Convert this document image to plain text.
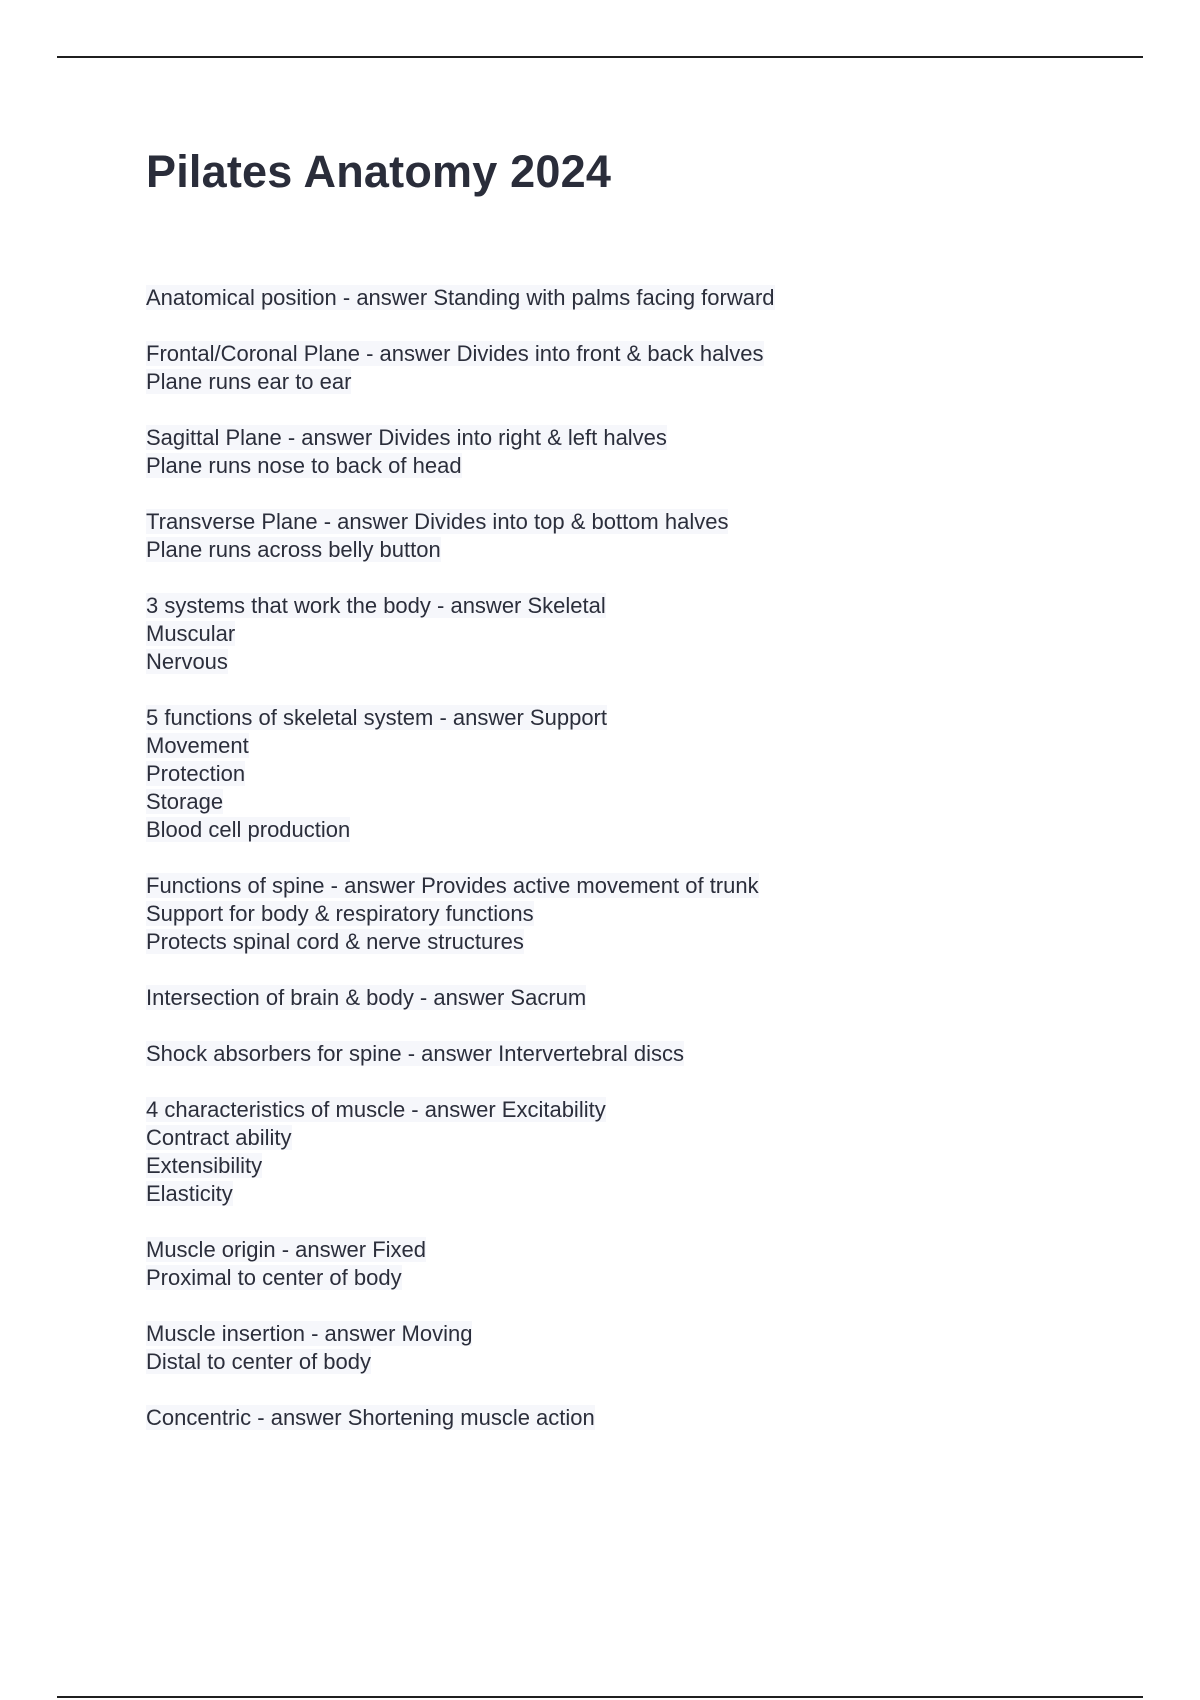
Pilates Anatomy 2024
Anatomical position - answer Standing with palms facing forward
Frontal/Coronal Plane - answer Divides into front & back halves
Plane runs ear to ear
Sagittal Plane - answer Divides into right & left halves
Plane runs nose to back of head
Transverse Plane - answer Divides into top & bottom halves
Plane runs across belly button
3 systems that work the body - answer Skeletal
Muscular
Nervous
5 functions of skeletal system - answer Support
Movement
Protection
Storage
Blood cell production
Functions of spine - answer Provides active movement of trunk
Support for body & respiratory functions
Protects spinal cord & nerve structures
Intersection of brain & body - answer Sacrum
Shock absorbers for spine - answer Intervertebral discs
4 characteristics of muscle - answer Excitability
Contract ability
Extensibility
Elasticity
Muscle origin - answer Fixed
Proximal to center of body
Muscle insertion - answer Moving
Distal to center of body
Concentric - answer Shortening muscle action
